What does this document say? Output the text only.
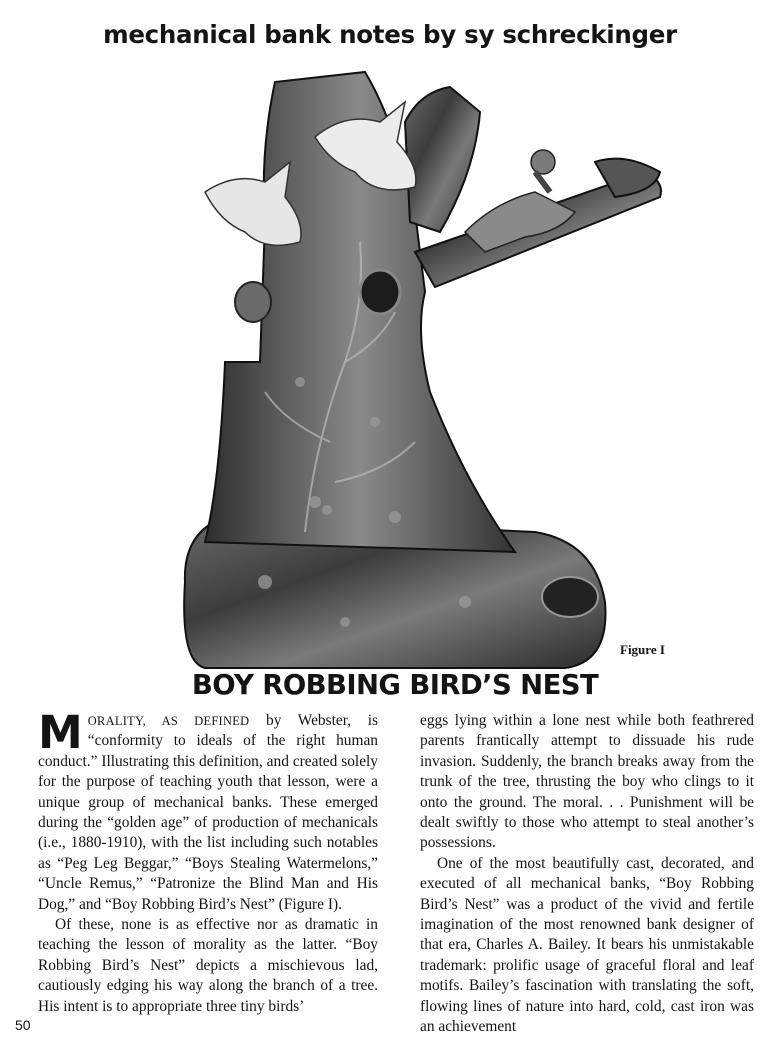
mechanical bank notes by sy schreckinger
Figure I
BOY ROBBING BIRD’S NEST

MORALITY, AS DEFINED by Webster, is “conformity to ideals of the right human conduct.” Illustrating this definition, and created solely for the purpose of teaching youth that lesson, were a unique group of mechanical banks. These emerged during the “golden age” of production of mechanicals (i.e., 1880-1910), with the list including such notables as “Peg Leg Beggar,” “Boys Stealing Watermelons,” “Uncle Remus,” “Patronize the Blind Man and His Dog,” and “Boy Robbing Bird’s Nest” (Figure I).

Of these, none is as effective nor as dramatic in teaching the lesson of morality as the latter. “Boy Robbing Bird’s Nest” depicts a mischievous lad, cautiously edging his way along the branch of a tree. His intent is to appropriate three tiny birds’

eggs lying within a lone nest while both feathrered parents frantically attempt to dissuade his rude invasion. Suddenly, the branch breaks away from the trunk of the tree, thrusting the boy who clings to it onto the ground. The moral. . . Punishment will be dealt swiftly to those who attempt to steal another’s possessions.

One of the most beautifully cast, decorated, and executed of all mechanical banks, “Boy Robbing Bird’s Nest” was a product of the vivid and fertile imagination of the most renowned bank designer of that era, Charles A. Bailey. It bears his unmistakable trademark: prolific usage of graceful floral and leaf motifs. Bailey’s fascination with translating the soft, flowing lines of nature into hard, cold, cast iron was an achievement

50
